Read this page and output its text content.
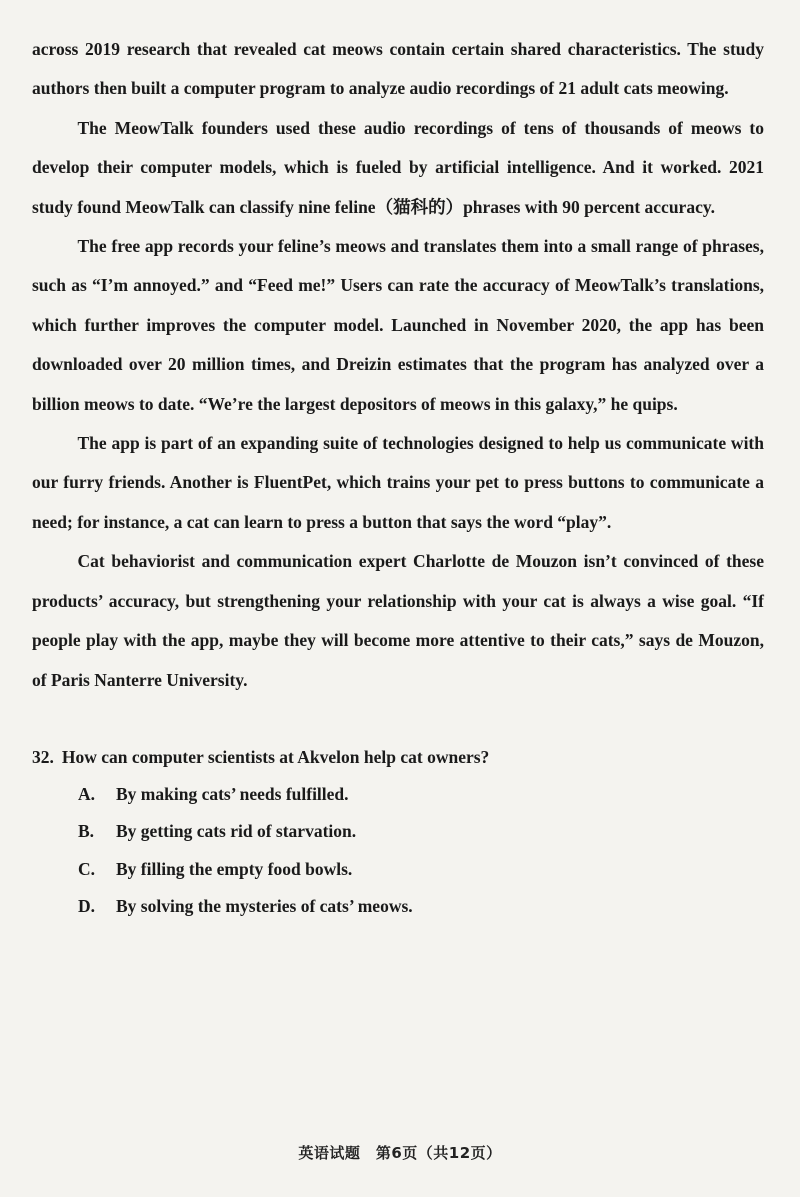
across 2019 research that revealed cat meows contain certain shared characteristics. The study authors then built a computer program to analyze audio recordings of 21 adult cats meowing.

The MeowTalk founders used these audio recordings of tens of thousands of meows to develop their computer models, which is fueled by artificial intelligence. And it worked. 2021 study found MeowTalk can classify nine feline（猫科的）phrases with 90 percent accuracy.

The free app records your feline’s meows and translates them into a small range of phrases, such as “I’m annoyed.” and “Feed me!” Users can rate the accuracy of MeowTalk’s translations, which further improves the computer model. Launched in November 2020, the app has been downloaded over 20 million times, and Dreizin estimates that the program has analyzed over a billion meows to date. “We’re the largest depositors of meows in this galaxy,” he quips.

The app is part of an expanding suite of technologies designed to help us communicate with our furry friends. Another is FluentPet, which trains your pet to press buttons to communicate a need; for instance, a cat can learn to press a button that says the word “play”.

Cat behaviorist and communication expert Charlotte de Mouzon isn’t convinced of these products’ accuracy, but strengthening your relationship with your cat is always a wise goal. “If people play with the app, maybe they will become more attentive to their cats,” says de Mouzon, of Paris Nanterre University.

32. How can computer scientists at Akvelon help cat owners?
A. By making cats’ needs fulfilled.
B. By getting cats rid of starvation.
C. By filling the empty food bowls.
D. By solving the mysteries of cats’ meows.
英语试题　第6页（共12页）
